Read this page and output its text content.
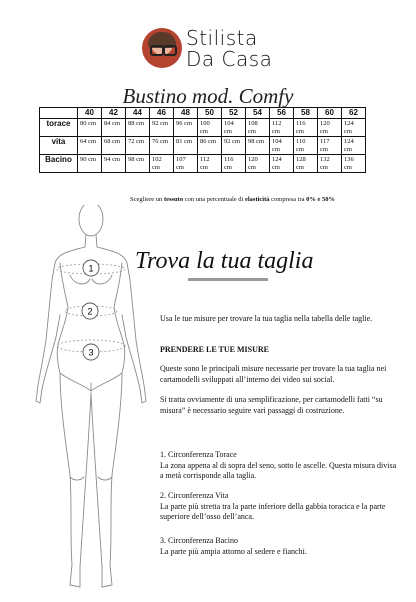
Stilista
Da Casa
Bustino mod. Comfy
	40	42	44	46	48	50	52	54	56	58	60	62
torace	80 cm	84 cm	88 cm	92 cm	96 cm	100 cm	104 cm	108 cm	112 cm	116 cm	120 cm	124 cm
vita	64 cm	68 cm	72 cm	76 cm	81 cm	86 cm	92 cm	98 cm	104 cm	110 cm	117 cm	124 cm
Bacino	90 cm	94 cm	98 cm	102 cm	107 cm	112 cm	116 cm	120 cm	124 cm	128 cm	132 cm	136 cm
Scegliere un tessuto con una percentuale di elasticità compresa tra 0% e 50%
1
2
3
Trova la tua taglia
Usa le tue misure per trovare la tua taglia nella tabella delle taglie.
PRENDERE LE TUE MISURE
Queste sono le principali misure necessarie per trovare la tua taglia nei cartamodelli sviluppati all’interno dei video sui social.
Si tratta ovviamente di una semplificazione, per cartamodelli fatti “su misura” è necessario seguire vari passaggi di costruzione.
1. Circonferenza Torace
La zona appena al di sopra del seno, sotto le ascelle. Questa misura divisa a metà corrisponde alla taglia.
2. Circonferenza Vita
La parte più stretta tra la parte inferiore della gabbia toracica e la parte superiore dell’osso dell’anca.
3. Circonferenza Bacino
La parte più ampia attorno al sedere e fianchi.
